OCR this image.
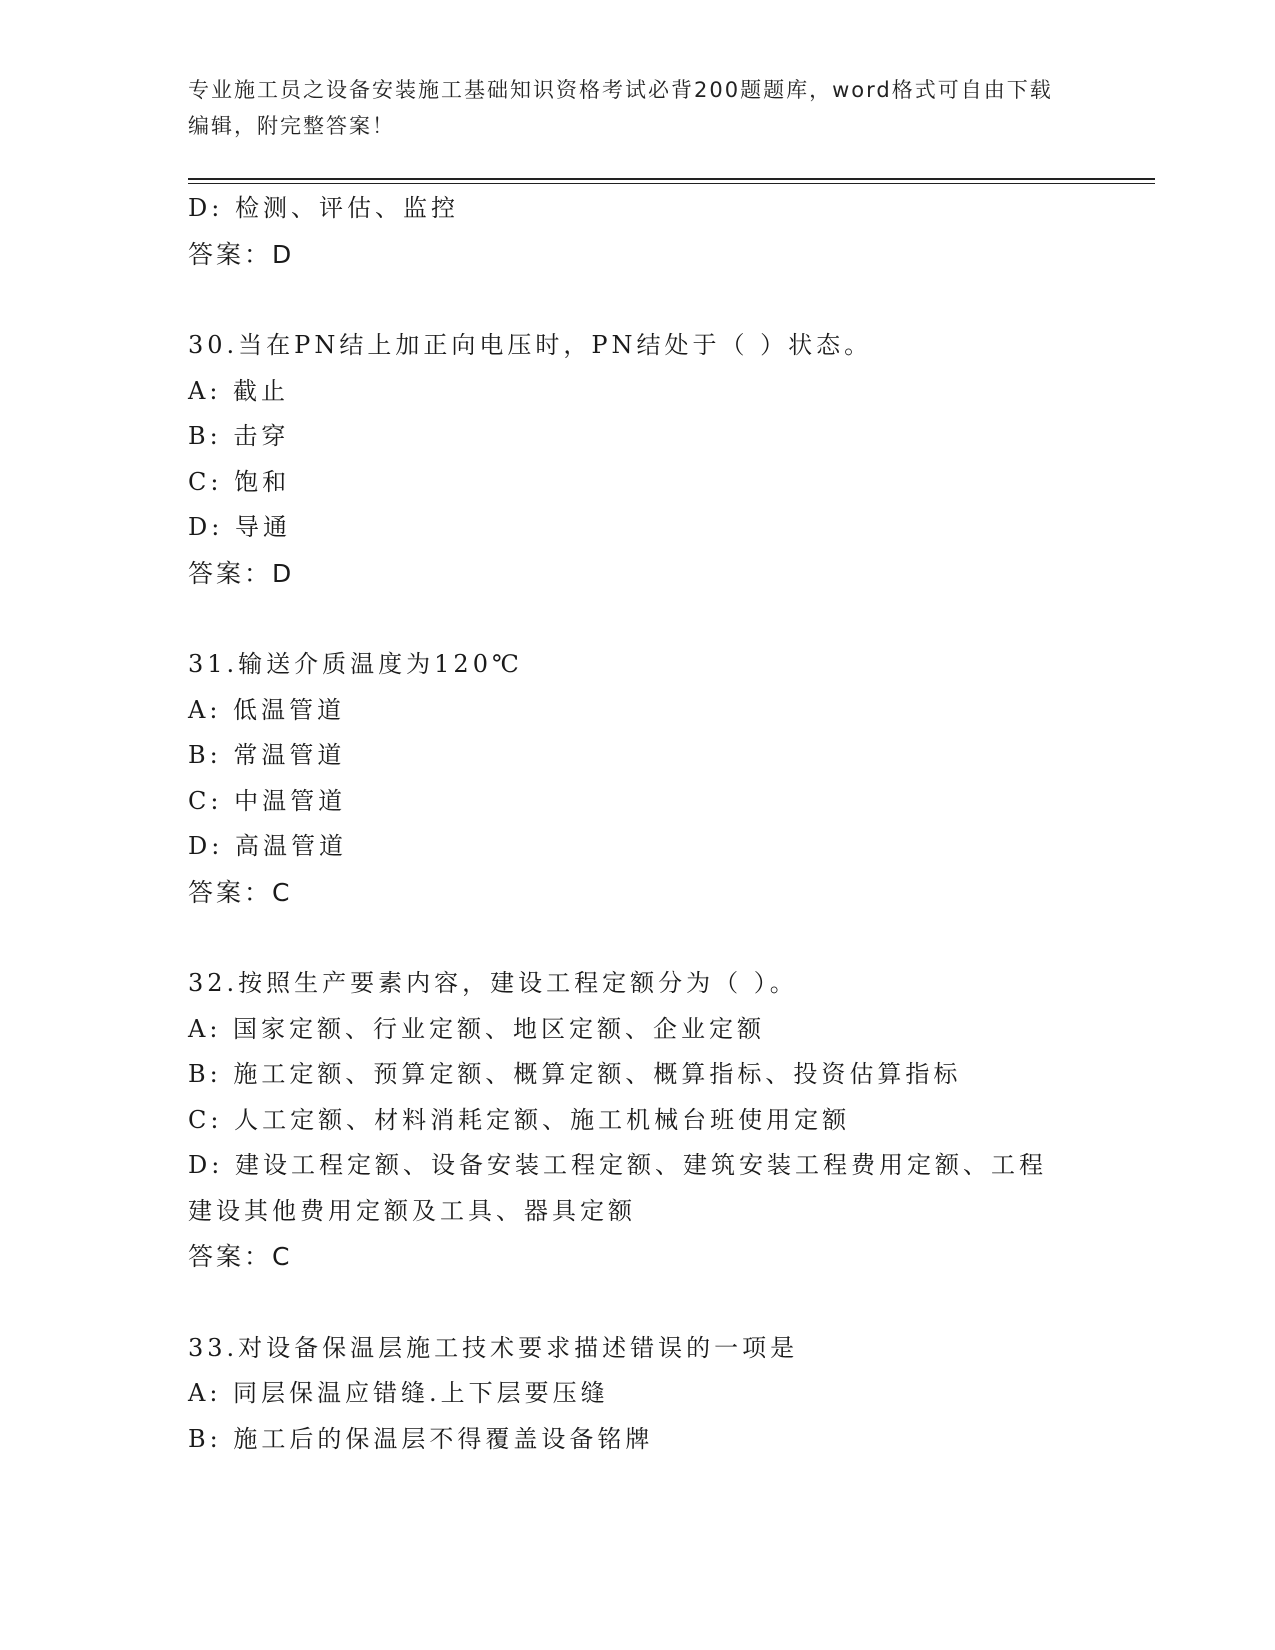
专业施工员之设备安装施工基础知识资格考试必背200题题库，word格式可自由下载编辑，附完整答案！
D: 检测、评估、监控
答案：D
30.当在PN结上加正向电压时，PN结处于（ ）状态。
A: 截止
B: 击穿
C: 饱和
D: 导通
答案：D
31.输送介质温度为120℃
A: 低温管道
B: 常温管道
C: 中温管道
D: 高温管道
答案：C
32.按照生产要素内容，建设工程定额分为（ ）。
A: 国家定额、行业定额、地区定额、企业定额
B: 施工定额、预算定额、概算定额、概算指标、投资估算指标
C: 人工定额、材料消耗定额、施工机械台班使用定额
D: 建设工程定额、设备安装工程定额、建筑安装工程费用定额、工程建设其他费用定额及工具、器具定额
答案：C
33.对设备保温层施工技术要求描述错误的一项是
A: 同层保温应错缝.上下层要压缝
B: 施工后的保温层不得覆盖设备铭牌
